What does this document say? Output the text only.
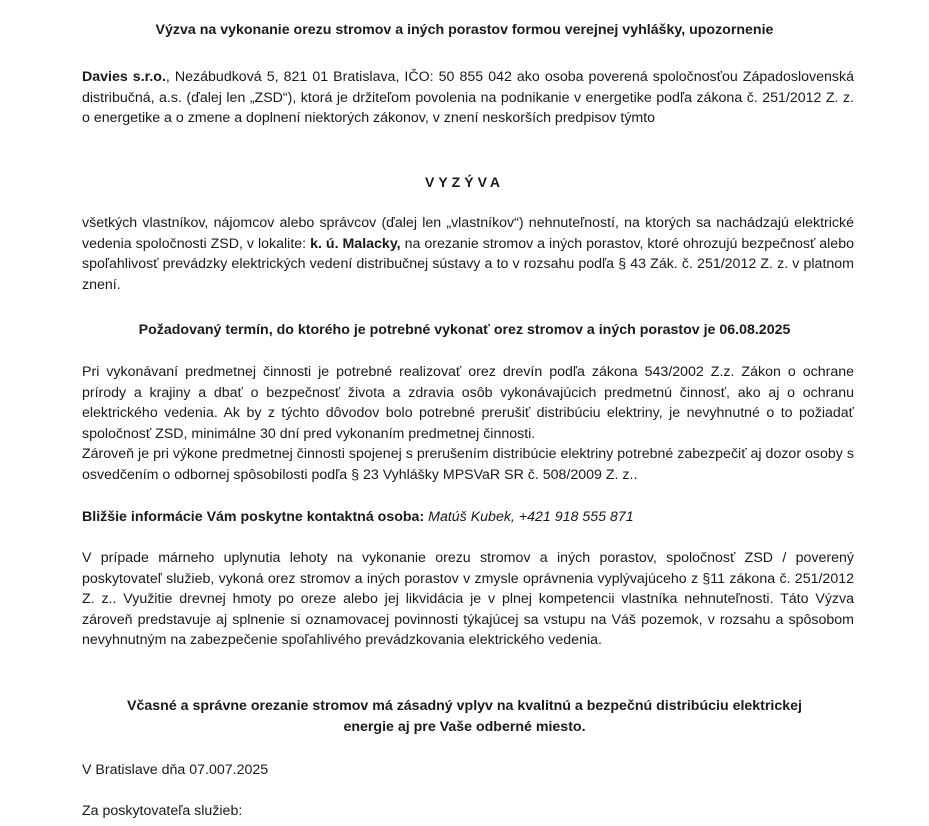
Výzva na vykonanie orezu stromov a iných porastov formou verejnej vyhlášky, upozornenie

Davies s.r.o., Nezábudková 5, 821 01 Bratislava, IČO: 50 855 042 ako osoba poverená spoločnosťou Západoslovenská distribučná, a.s. (ďalej len „ZSD“), ktorá je držiteľom povolenia na podnikanie v energetike podľa zákona č. 251/2012 Z. z. o energetike a o zmene a doplnení niektorých zákonov, v znení neskorších predpisov týmto

VYZÝVA

všetkých vlastníkov, nájomcov alebo správcov (ďalej len „vlastníkov“) nehnuteľností, na ktorých sa nachádzajú elektrické vedenia spoločnosti ZSD, v lokalite: k. ú. Malacky, na orezanie stromov a iných porastov, ktoré ohrozujú bezpečnosť alebo spoľahlivosť prevádzky elektrických vedení distribučnej sústavy a to v rozsahu podľa § 43 Zák. č. 251/2012 Z. z. v platnom znení.

Požadovaný termín, do ktorého je potrebné vykonať orez stromov a iných porastov je 06.08.2025

Pri vykonávaní predmetnej činnosti je potrebné realizovať orez drevín podľa zákona 543/2002 Z.z. Zákon o ochrane prírody a krajiny a dbať o bezpečnosť života a zdravia osôb vykonávajúcich predmetnú činnosť, ako aj o ochranu elektrického vedenia. Ak by z týchto dôvodov bolo potrebné prerušiť distribúciu elektriny, je nevyhnutné o to požiadať spoločnosť ZSD, minimálne 30 dní pred vykonaním predmetnej činnosti.
Zároveň je pri výkone predmetnej činnosti spojenej s prerušením distribúcie elektriny potrebné zabezpečiť aj dozor osoby s osvedčením o odbornej spôsobilosti podľa § 23 Vyhlášky MPSVaR SR č. 508/2009 Z. z..

Bližšie informácie Vám poskytne kontaktná osoba: Matúš Kubek, +421 918 555 871

V prípade márneho uplynutia lehoty na vykonanie orezu stromov a iných porastov, spoločnosť ZSD / poverený poskytovateľ služieb, vykoná orez stromov a iných porastov v zmysle oprávnenia vyplývajúceho z §11 zákona č. 251/2012 Z. z.. Využitie drevnej hmoty po oreze alebo jej likvidácia je v plnej kompetencii vlastníka nehnuteľnosti. Táto Výzva zároveň predstavuje aj splnenie si oznamovacej povinnosti týkajúcej sa vstupu na Váš pozemok, v rozsahu a spôsobom nevyhnutným na zabezpečenie spoľahlivého prevádzkovania elektrického vedenia.

Včasné a správne orezanie stromov má zásadný vplyv na kvalitnú a bezpečnú distribúciu elektrickej
energie aj pre Vaše odberné miesto.

V Bratislave dňa 07.007.2025

Za poskytovateľa služieb:
